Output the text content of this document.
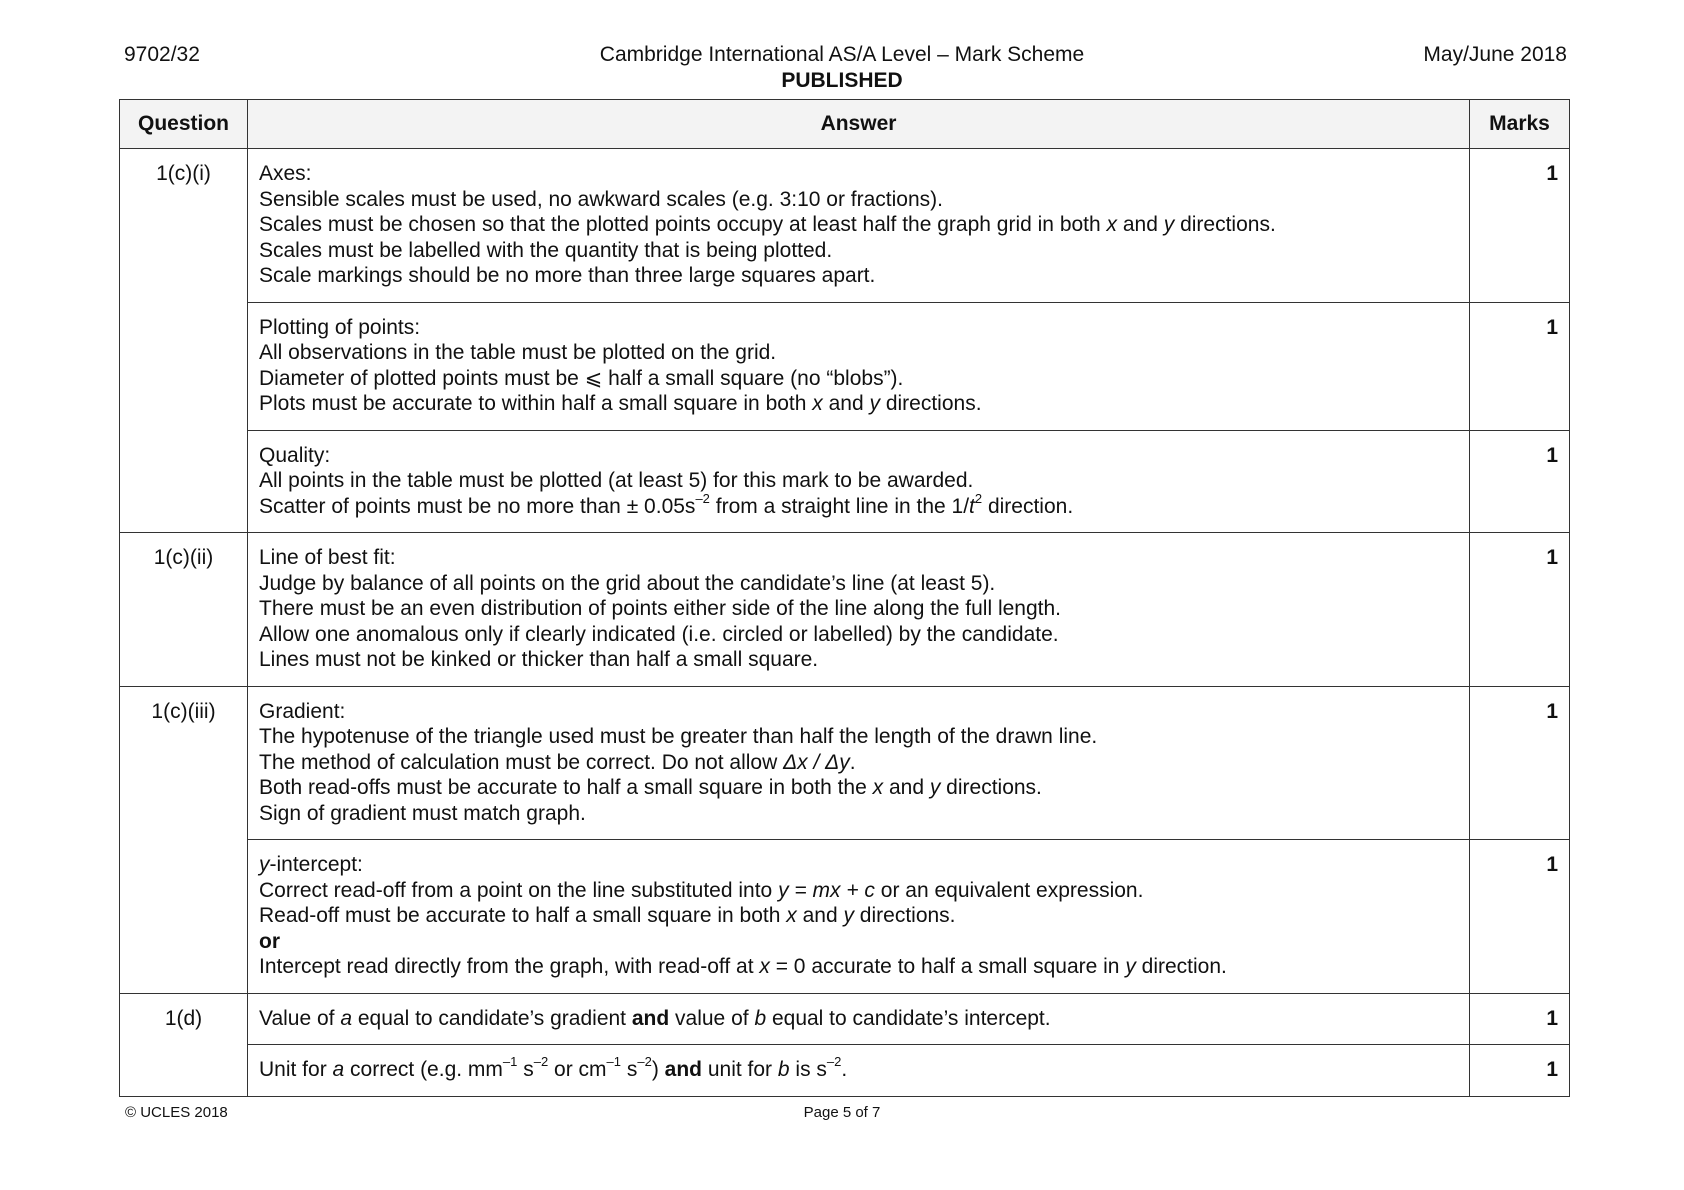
9702/32	Cambridge International AS/A Level – Mark Scheme
PUBLISHED
May/June 2018
Question	Answer	Marks
1(c)(i)	Axes:
Sensible scales must be used, no awkward scales (e.g. 3:10 or fractions).
Scales must be chosen so that the plotted points occupy at least half the graph grid in both x and y directions.
Scales must be labelled with the quantity that is being plotted.
Scale markings should be no more than three large squares apart.	1

	Plotting of points:
All observations in the table must be plotted on the grid.
Diameter of plotted points must be ⩽ half a small square (no “blobs”).
Plots must be accurate to within half a small square in both x and y directions.	1

	Quality:
All points in the table must be plotted (at least 5) for this mark to be awarded.
Scatter of points must be no more than ± $0.05s^{-2}$ from a straight line in the $1/t^2$ direction.	1
1(c)(ii)	Line of best fit:
Judge by balance of all points on the grid about the candidate’s line (at least 5).
There must be an even distribution of points either side of the line along the full length.
Allow one anomalous only if clearly indicated (i.e. circled or labelled) by the candidate.
Lines must not be kinked or thicker than half a small square.	1
1(c)(iii)	Gradient:
The hypotenuse of the triangle used must be greater than half the length of the drawn line.
The method of calculation must be correct. Do not allow Δx / Δy.
Both read-offs must be accurate to half a small square in both the x and y directions.
Sign of gradient must match graph.	1

	y-intercept:
Correct read-off from a point on the line substituted into y = mx + c or an equivalent expression.
Read-off must be accurate to half a small square in both x and y directions.
or
Intercept read directly from the graph, with read-off at x = 0 accurate to half a small square in y direction.	1
1(d)	Value of a equal to candidate’s gradient and value of b equal to candidate’s intercept.	1

	Unit for a correct (e.g. $mm^{-1}$ $s^{-2}$ or $cm^{-1}$ $s^{-2}$) and unit for b is $s^{-2}$.	1
© UCLES 2018	Page 5 of 7
